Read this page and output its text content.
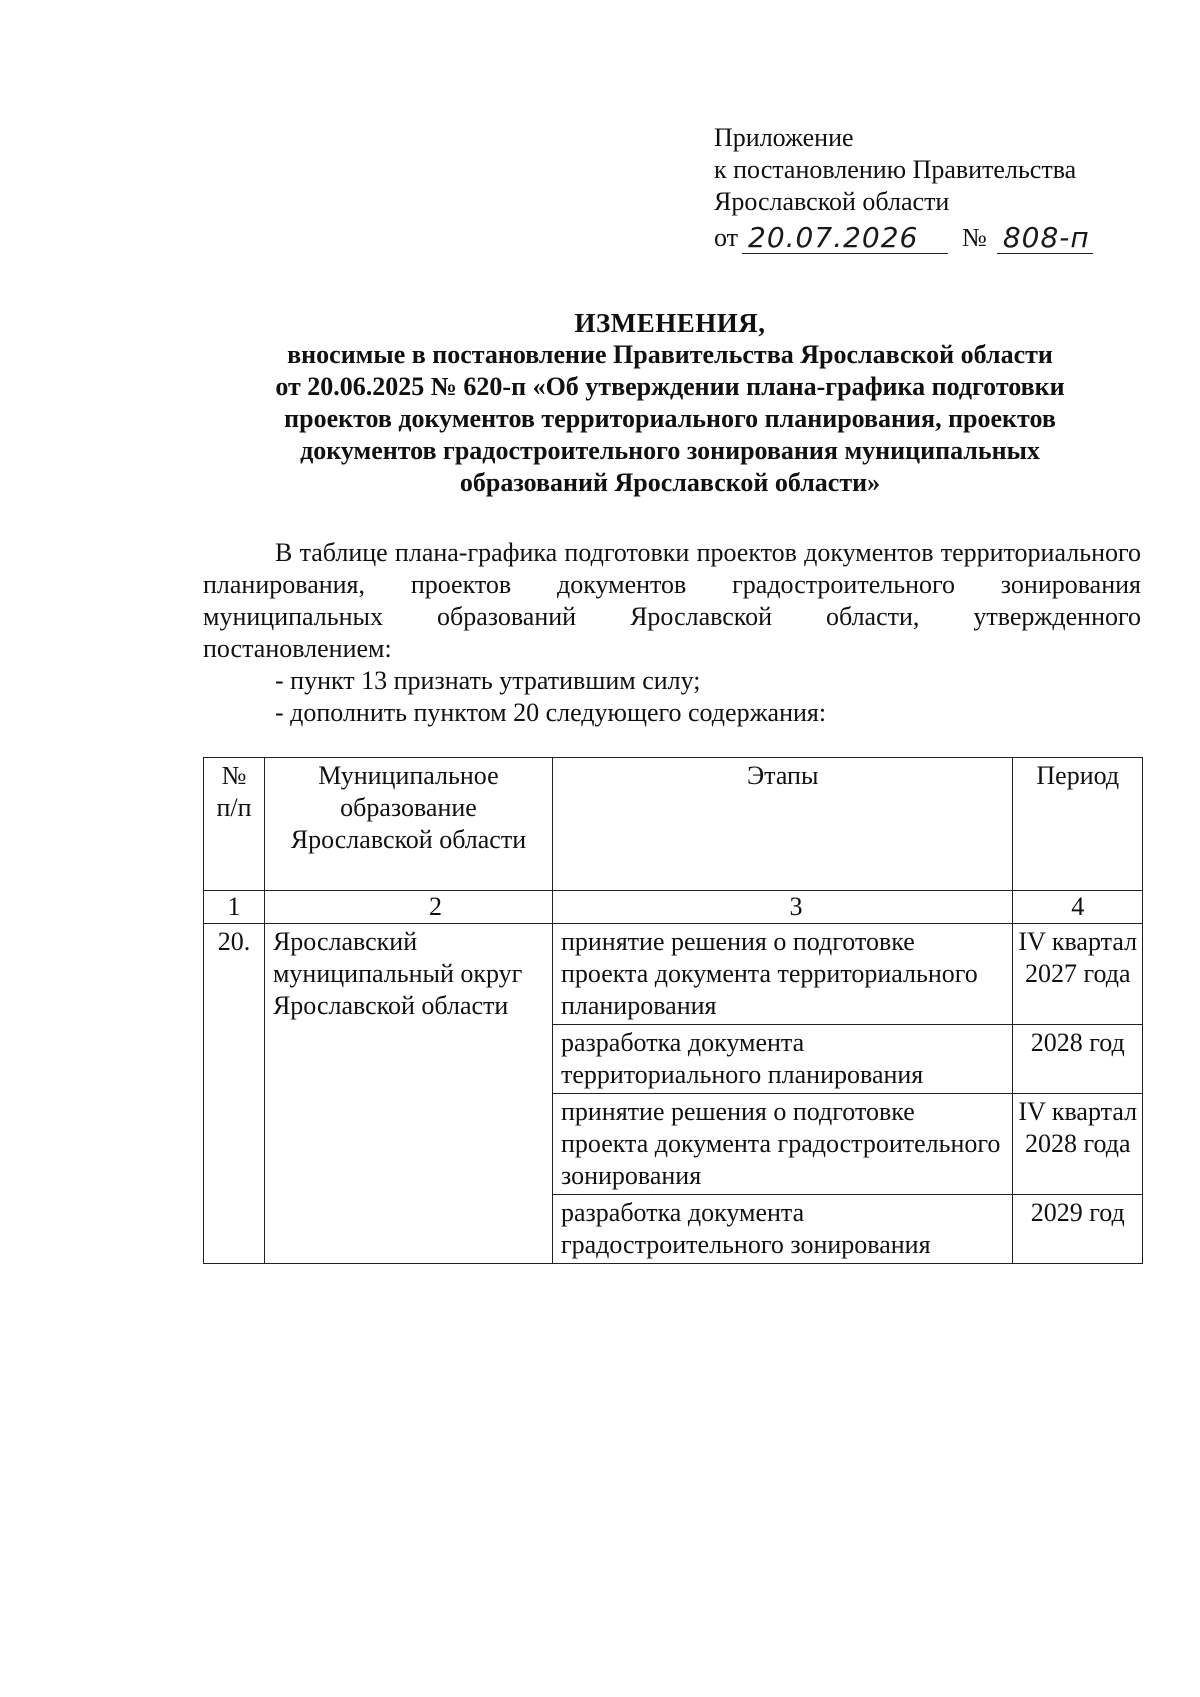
Приложение
к постановлению Правительства
Ярославской области
от 20.07.2026	№ 808-п
ИЗМЕНЕНИЯ,
вносимые в постановление Правительства Ярославской области
от 20.06.2025 № 620-п «Об утверждении плана-графика подготовки
проектов документов территориального планирования, проектов
документов градостроительного зонирования муниципальных
образований Ярославской области»

В таблице плана-графика подготовки проектов документов территориального планирования, проектов документов градостроительного зонирования муниципальных образований Ярославской области, утвержденного постановлением:

- пункт 13 признать утратившим силу;

- дополнить пунктом 20 следующего содержания:

№ п/п	Муниципальное образование Ярославской области	Этапы	Период
1	2	3	4
20.	Ярославский муниципальный округ Ярославской области	принятие решения о подготовке проекта документа территориального планирования	IV квартал 2027 года
		разработка документа территориального планирования	2028 год
		принятие решения о подготовке проекта документа градостроительного зонирования	IV квартал 2028 года
		разработка документа градостроительного зонирования	2029 год
